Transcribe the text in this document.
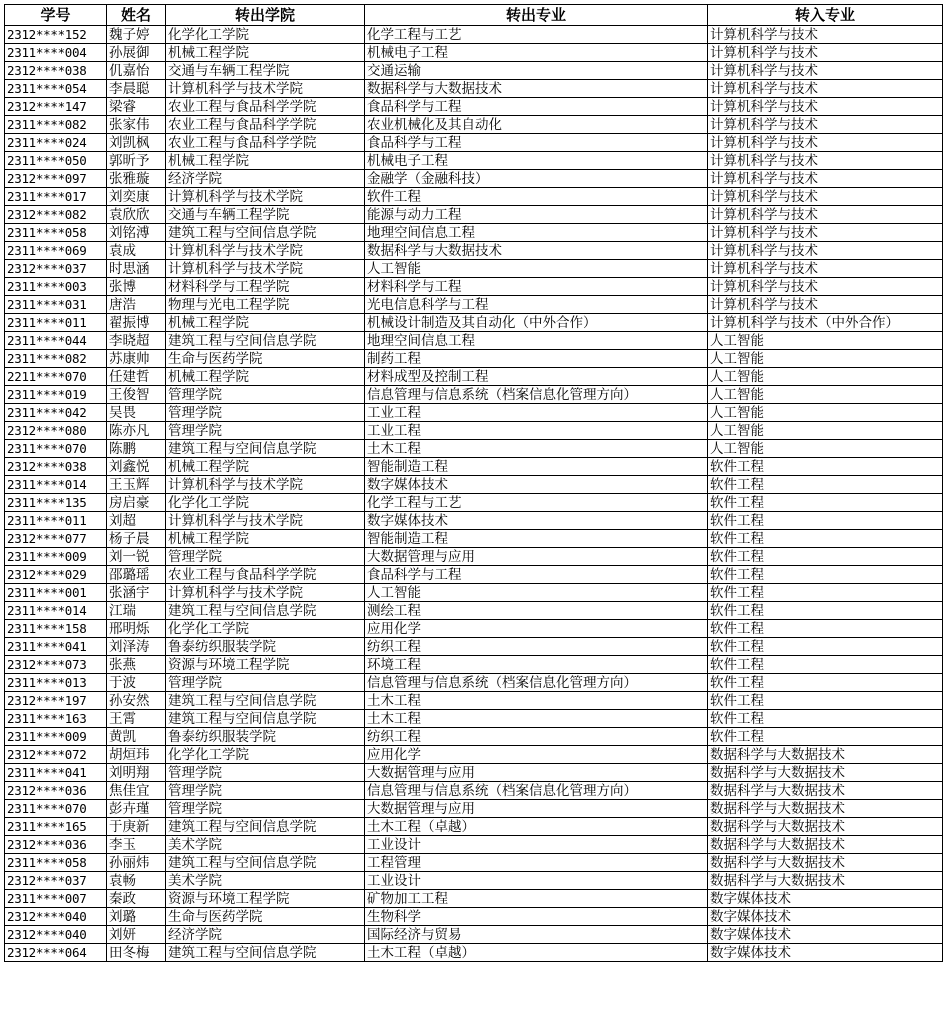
学号	姓名	转出学院	转出专业	转入专业
2312****152	魏子婷	化学化工学院	化学工程与工艺	计算机科学与技术
2311****004	孙展御	机械工程学院	机械电子工程	计算机科学与技术
2312****038	仉嘉怡	交通与车辆工程学院	交通运输	计算机科学与技术
2311****054	李晨聪	计算机科学与技术学院	数据科学与大数据技术	计算机科学与技术
2312****147	梁睿	农业工程与食品科学学院	食品科学与工程	计算机科学与技术
2311****082	张家伟	农业工程与食品科学学院	农业机械化及其自动化	计算机科学与技术
2311****024	刘凯枫	农业工程与食品科学学院	食品科学与工程	计算机科学与技术
2311****050	郭昕予	机械工程学院	机械电子工程	计算机科学与技术
2312****097	张雅璇	经济学院	金融学（金融科技）	计算机科学与技术
2311****017	刘奕康	计算机科学与技术学院	软件工程	计算机科学与技术
2312****082	袁欣欣	交通与车辆工程学院	能源与动力工程	计算机科学与技术
2311****058	刘铭溥	建筑工程与空间信息学院	地理空间信息工程	计算机科学与技术
2311****069	袁成	计算机科学与技术学院	数据科学与大数据技术	计算机科学与技术
2312****037	时思涵	计算机科学与技术学院	人工智能	计算机科学与技术
2311****003	张博	材料科学与工程学院	材料科学与工程	计算机科学与技术
2311****031	唐浩	物理与光电工程学院	光电信息科学与工程	计算机科学与技术
2311****011	翟振博	机械工程学院	机械设计制造及其自动化（中外合作）	计算机科学与技术（中外合作）
2311****044	李晓超	建筑工程与空间信息学院	地理空间信息工程	人工智能
2311****082	苏康帅	生命与医药学院	制药工程	人工智能
2211****070	任建哲	机械工程学院	材料成型及控制工程	人工智能
2311****019	王俊智	管理学院	信息管理与信息系统（档案信息化管理方向）	人工智能
2311****042	吴畏	管理学院	工业工程	人工智能
2312****080	陈亦凡	管理学院	工业工程	人工智能
2311****070	陈鹏	建筑工程与空间信息学院	土木工程	人工智能
2312****038	刘鑫悦	机械工程学院	智能制造工程	软件工程
2311****014	王玉辉	计算机科学与技术学院	数字媒体技术	软件工程
2311****135	房启豪	化学化工学院	化学工程与工艺	软件工程
2311****011	刘超	计算机科学与技术学院	数字媒体技术	软件工程
2312****077	杨子晨	机械工程学院	智能制造工程	软件工程
2311****009	刘一锐	管理学院	大数据管理与应用	软件工程
2312****029	邵璐瑶	农业工程与食品科学学院	食品科学与工程	软件工程
2311****001	张涵宇	计算机科学与技术学院	人工智能	软件工程
2311****014	江瑞	建筑工程与空间信息学院	测绘工程	软件工程
2311****158	邢明烁	化学化工学院	应用化学	软件工程
2311****041	刘泽涛	鲁泰纺织服装学院	纺织工程	软件工程
2312****073	张燕	资源与环境工程学院	环境工程	软件工程
2311****013	于波	管理学院	信息管理与信息系统（档案信息化管理方向）	软件工程
2312****197	孙安然	建筑工程与空间信息学院	土木工程	软件工程
2311****163	王霄	建筑工程与空间信息学院	土木工程	软件工程
2311****009	黄凯	鲁泰纺织服装学院	纺织工程	软件工程
2312****072	胡烜玮	化学化工学院	应用化学	数据科学与大数据技术
2311****041	刘明翔	管理学院	大数据管理与应用	数据科学与大数据技术
2312****036	焦佳宜	管理学院	信息管理与信息系统（档案信息化管理方向）	数据科学与大数据技术
2311****070	彭卉瑾	管理学院	大数据管理与应用	数据科学与大数据技术
2311****165	于庚新	建筑工程与空间信息学院	土木工程（卓越）	数据科学与大数据技术
2312****036	李玉	美术学院	工业设计	数据科学与大数据技术
2311****058	孙丽炜	建筑工程与空间信息学院	工程管理	数据科学与大数据技术
2312****037	袁畅	美术学院	工业设计	数据科学与大数据技术
2311****007	秦政	资源与环境工程学院	矿物加工工程	数字媒体技术
2312****040	刘璐	生命与医药学院	生物科学	数字媒体技术
2312****040	刘妍	经济学院	国际经济与贸易	数字媒体技术
2312****064	田冬梅	建筑工程与空间信息学院	土木工程（卓越）	数字媒体技术
